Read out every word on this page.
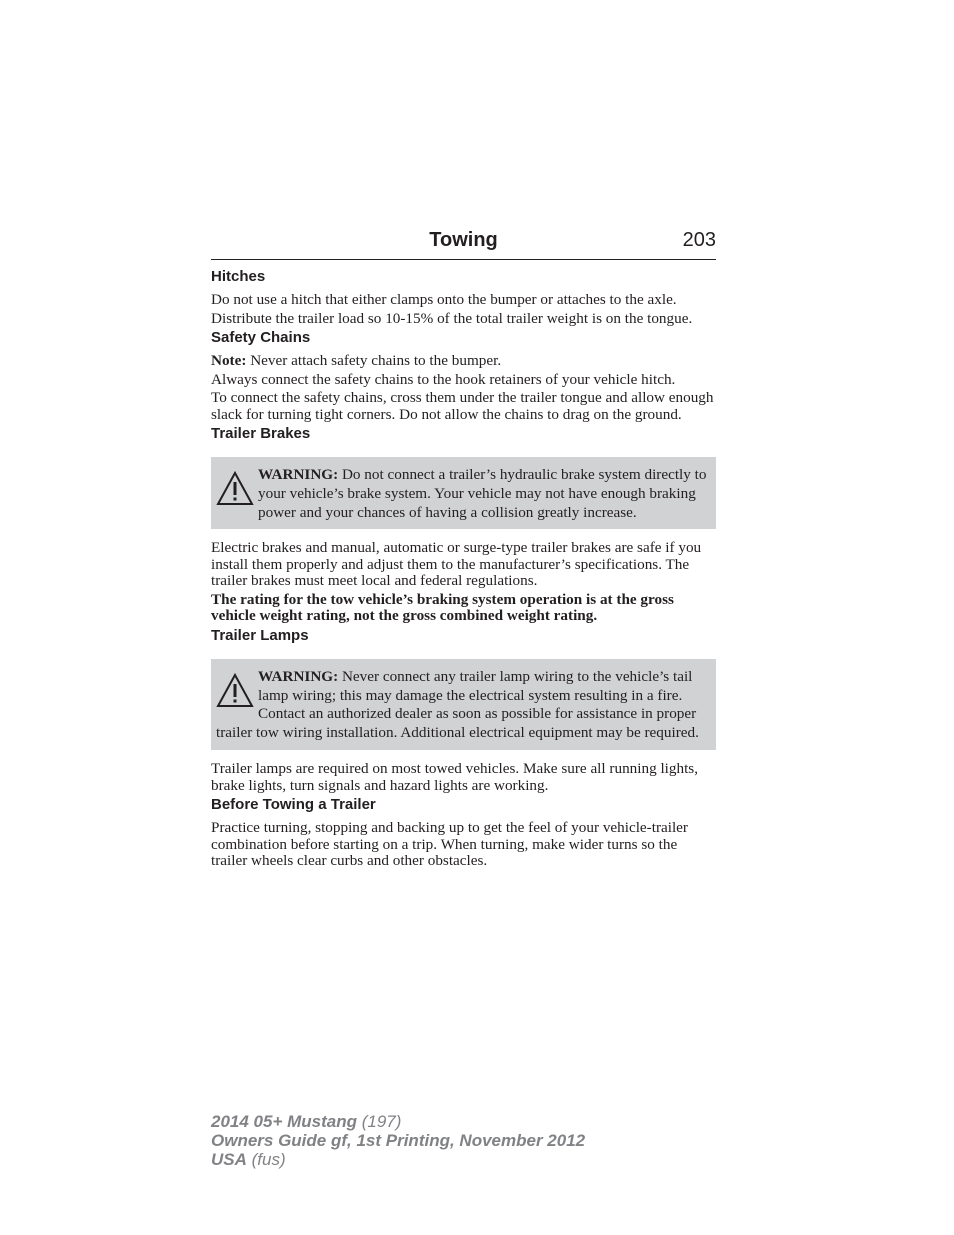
Towing	203
Hitches
Do not use a hitch that either clamps onto the bumper or attaches to the axle.
Distribute the trailer load so 10-15% of the total trailer weight is on the tongue.
Safety Chains
Note: Never attach safety chains to the bumper.
Always connect the safety chains to the hook retainers of your vehicle hitch.
To connect the safety chains, cross them under the trailer tongue and allow enough slack for turning tight corners. Do not allow the chains to drag on the ground.
Trailer Brakes
WARNING: Do not connect a trailer’s hydraulic brake system directly to your vehicle’s brake system. Your vehicle may not have enough braking power and your chances of having a collision greatly increase.
Electric brakes and manual, automatic or surge-type trailer brakes are safe if you install them properly and adjust them to the manufacturer’s specifications. The trailer brakes must meet local and federal regulations.
The rating for the tow vehicle’s braking system operation is at the gross vehicle weight rating, not the gross combined weight rating.
Trailer Lamps
WARNING: Never connect any trailer lamp wiring to the vehicle’s tail lamp wiring; this may damage the electrical system resulting in a fire. Contact an authorized dealer as soon as possible for assistance in proper trailer tow wiring installation. Additional electrical equipment may be required.
Trailer lamps are required on most towed vehicles. Make sure all running lights, brake lights, turn signals and hazard lights are working.
Before Towing a Trailer
Practice turning, stopping and backing up to get the feel of your vehicle-trailer combination before starting on a trip. When turning, make wider turns so the trailer wheels clear curbs and other obstacles.
2014 05+ Mustang (197)
Owners Guide gf, 1st Printing, November 2012
USA (fus)
